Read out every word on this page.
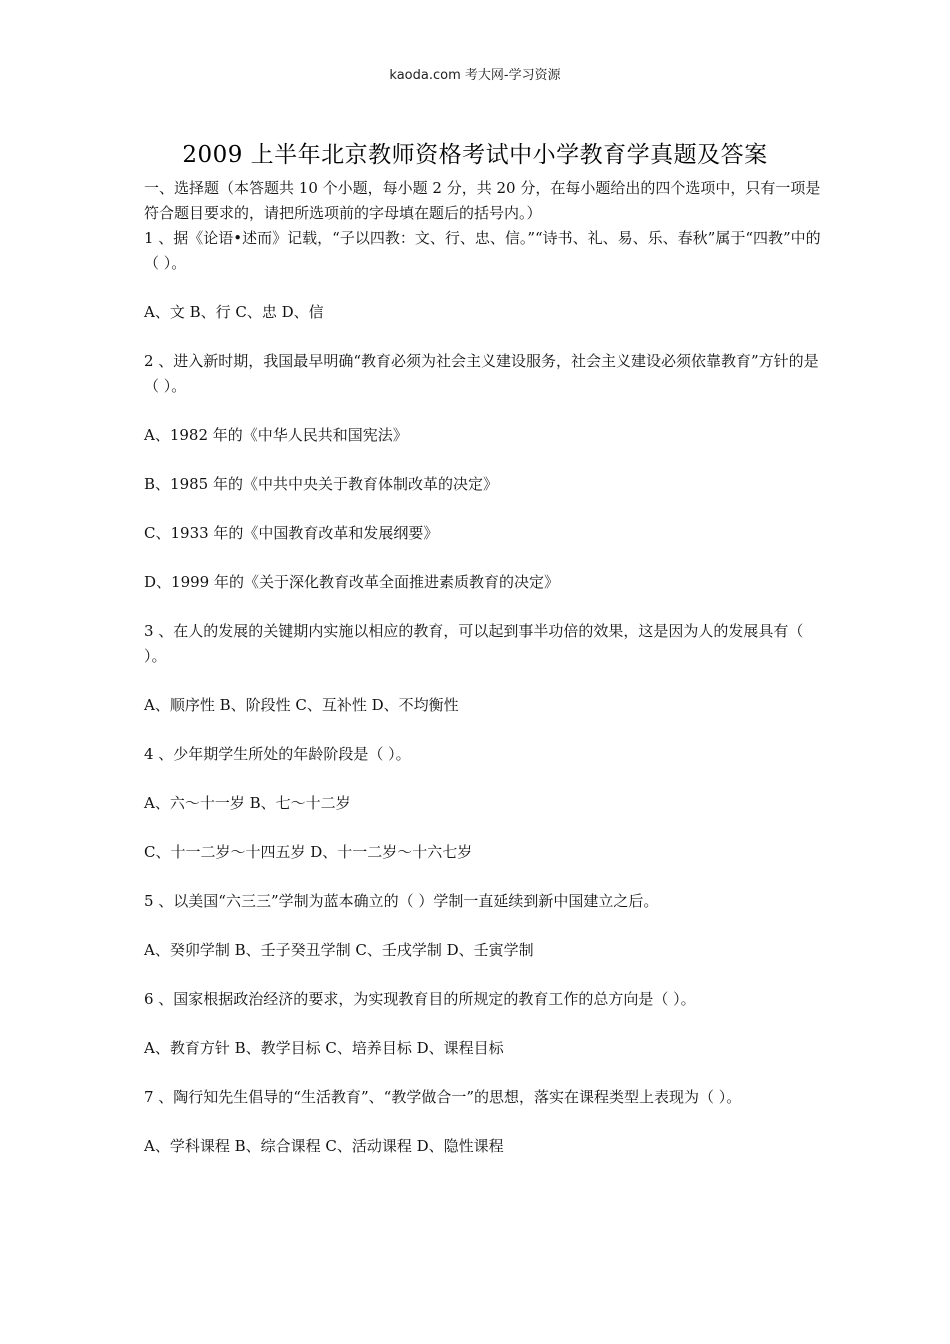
kaoda.com 考大网-学习资源
2009 上半年北京教师资格考试中小学教育学真题及答案

一、选择题（本答题共 10 个小题，每小题 2 分，共 20 分，在每小题给出的四个选项中，只有一项是符合题目要求的，请把所选项前的字母填在题后的括号内。）

1 、据《论语•述而》记载，“子以四教：文、行、忠、信。”“诗书、礼、易、乐、春秋”属于“四教”中的（ ）。

A、文 B、行 C、忠 D、信

2 、进入新时期，我国最早明确“教育必须为社会主义建设服务，社会主义建设必须依靠教育”方针的是（ ）。

A、1982 年的《中华人民共和国宪法》

B、1985 年的《中共中央关于教育体制改革的决定》

C、1933 年的《中国教育改革和发展纲要》

D、1999 年的《关于深化教育改革全面推进素质教育的决定》

3 、在人的发展的关键期内实施以相应的教育，可以起到事半功倍的效果，这是因为人的发展具有（ ）。

A、顺序性 B、阶段性 C、互补性 D、不均衡性

4 、少年期学生所处的年龄阶段是（ ）。

A、六～十一岁 B、七～十二岁

C、十一二岁～十四五岁 D、十一二岁～十六七岁

5 、以美国“六三三”学制为蓝本确立的（ ）学制一直延续到新中国建立之后。

A、癸卯学制 B、壬子癸丑学制 C、壬戌学制 D、壬寅学制

6 、国家根据政治经济的要求，为实现教育目的所规定的教育工作的总方向是（ ）。

A、教育方针 B、教学目标 C、培养目标 D、课程目标

7 、陶行知先生倡导的“生活教育”、“教学做合一”的思想，落实在课程类型上表现为（ ）。

A、学科课程 B、综合课程 C、活动课程 D、隐性课程
